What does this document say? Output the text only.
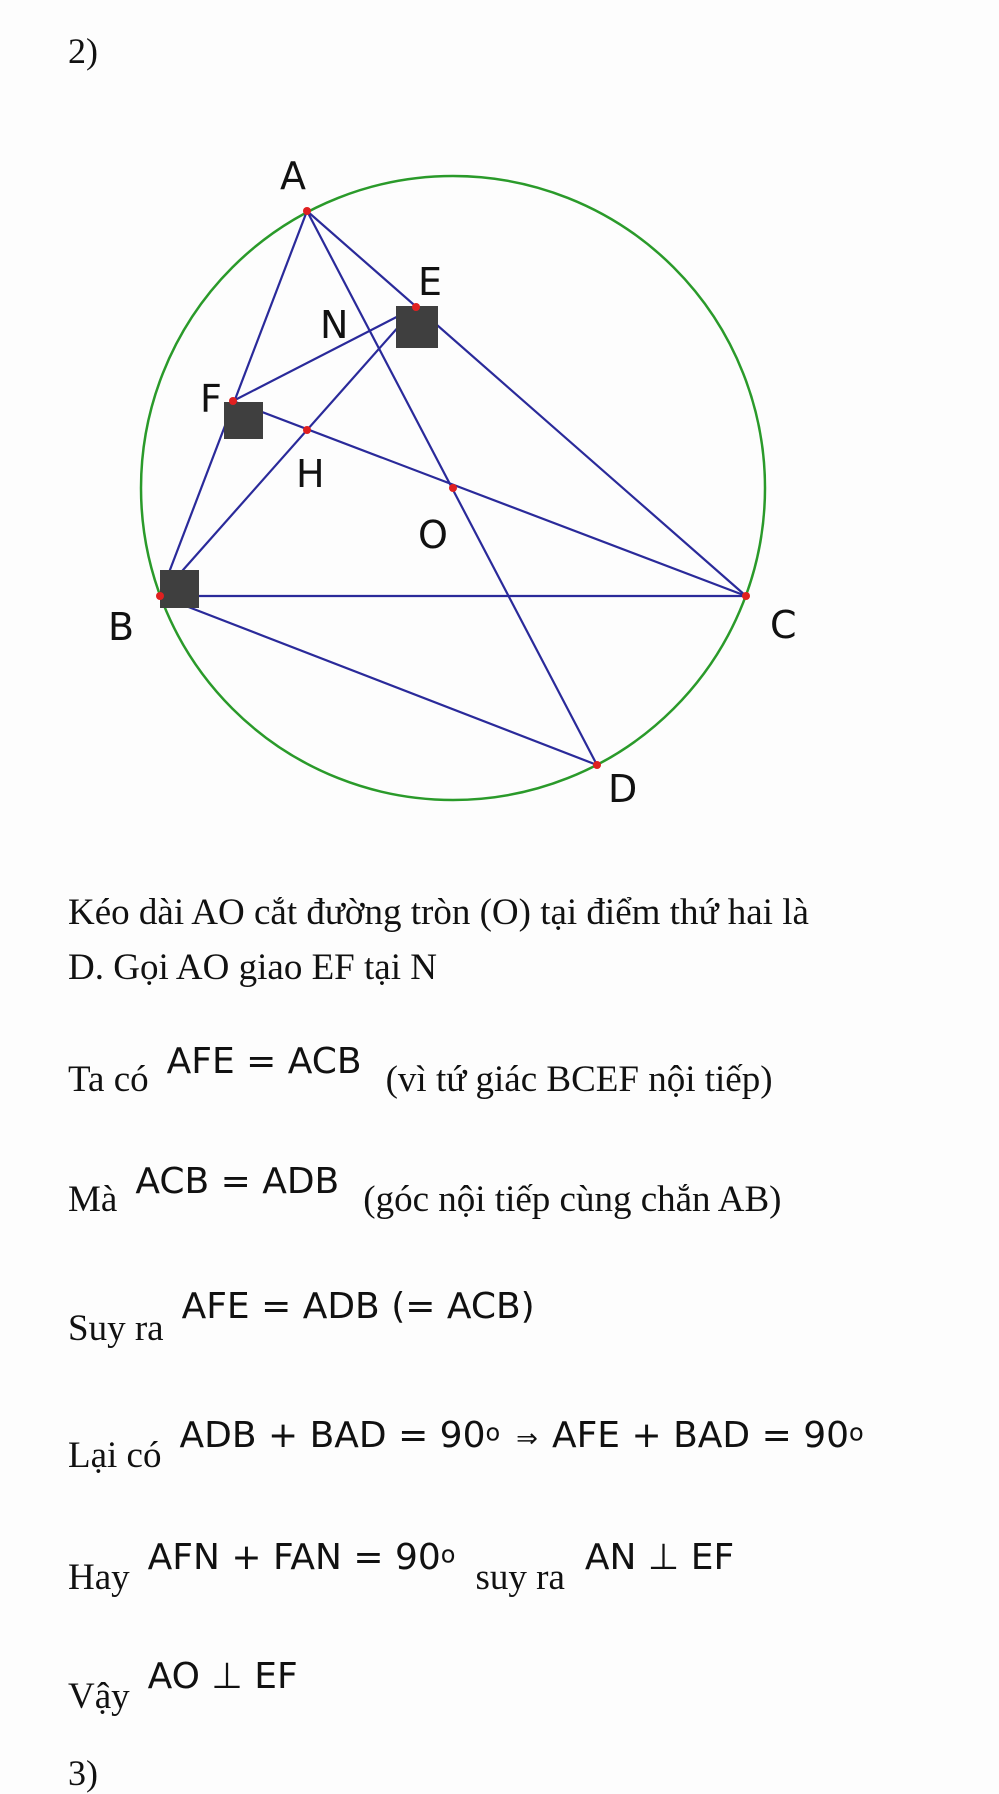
2)
A
E
N
F
H
O
B	C
D
Kéo dài AO cắt đường tròn (O) tại điểm thứ hai là
D. Gọi AO giao EF tại N
Ta có AFE = ACB (vì tứ giác BCEF nội tiếp)
Mà ACB = ADB (góc nội tiếp cùng chắn AB)
Suy ra AFE = ADB (= ACB)
Lại có ADB + BAD = $90^o$ ⇒ AFE + BAD = $90^o$
Hay AFN + FAN = $90^o$ suy ra AN ⊥ EF
Vậy AO ⊥ EF
3)
